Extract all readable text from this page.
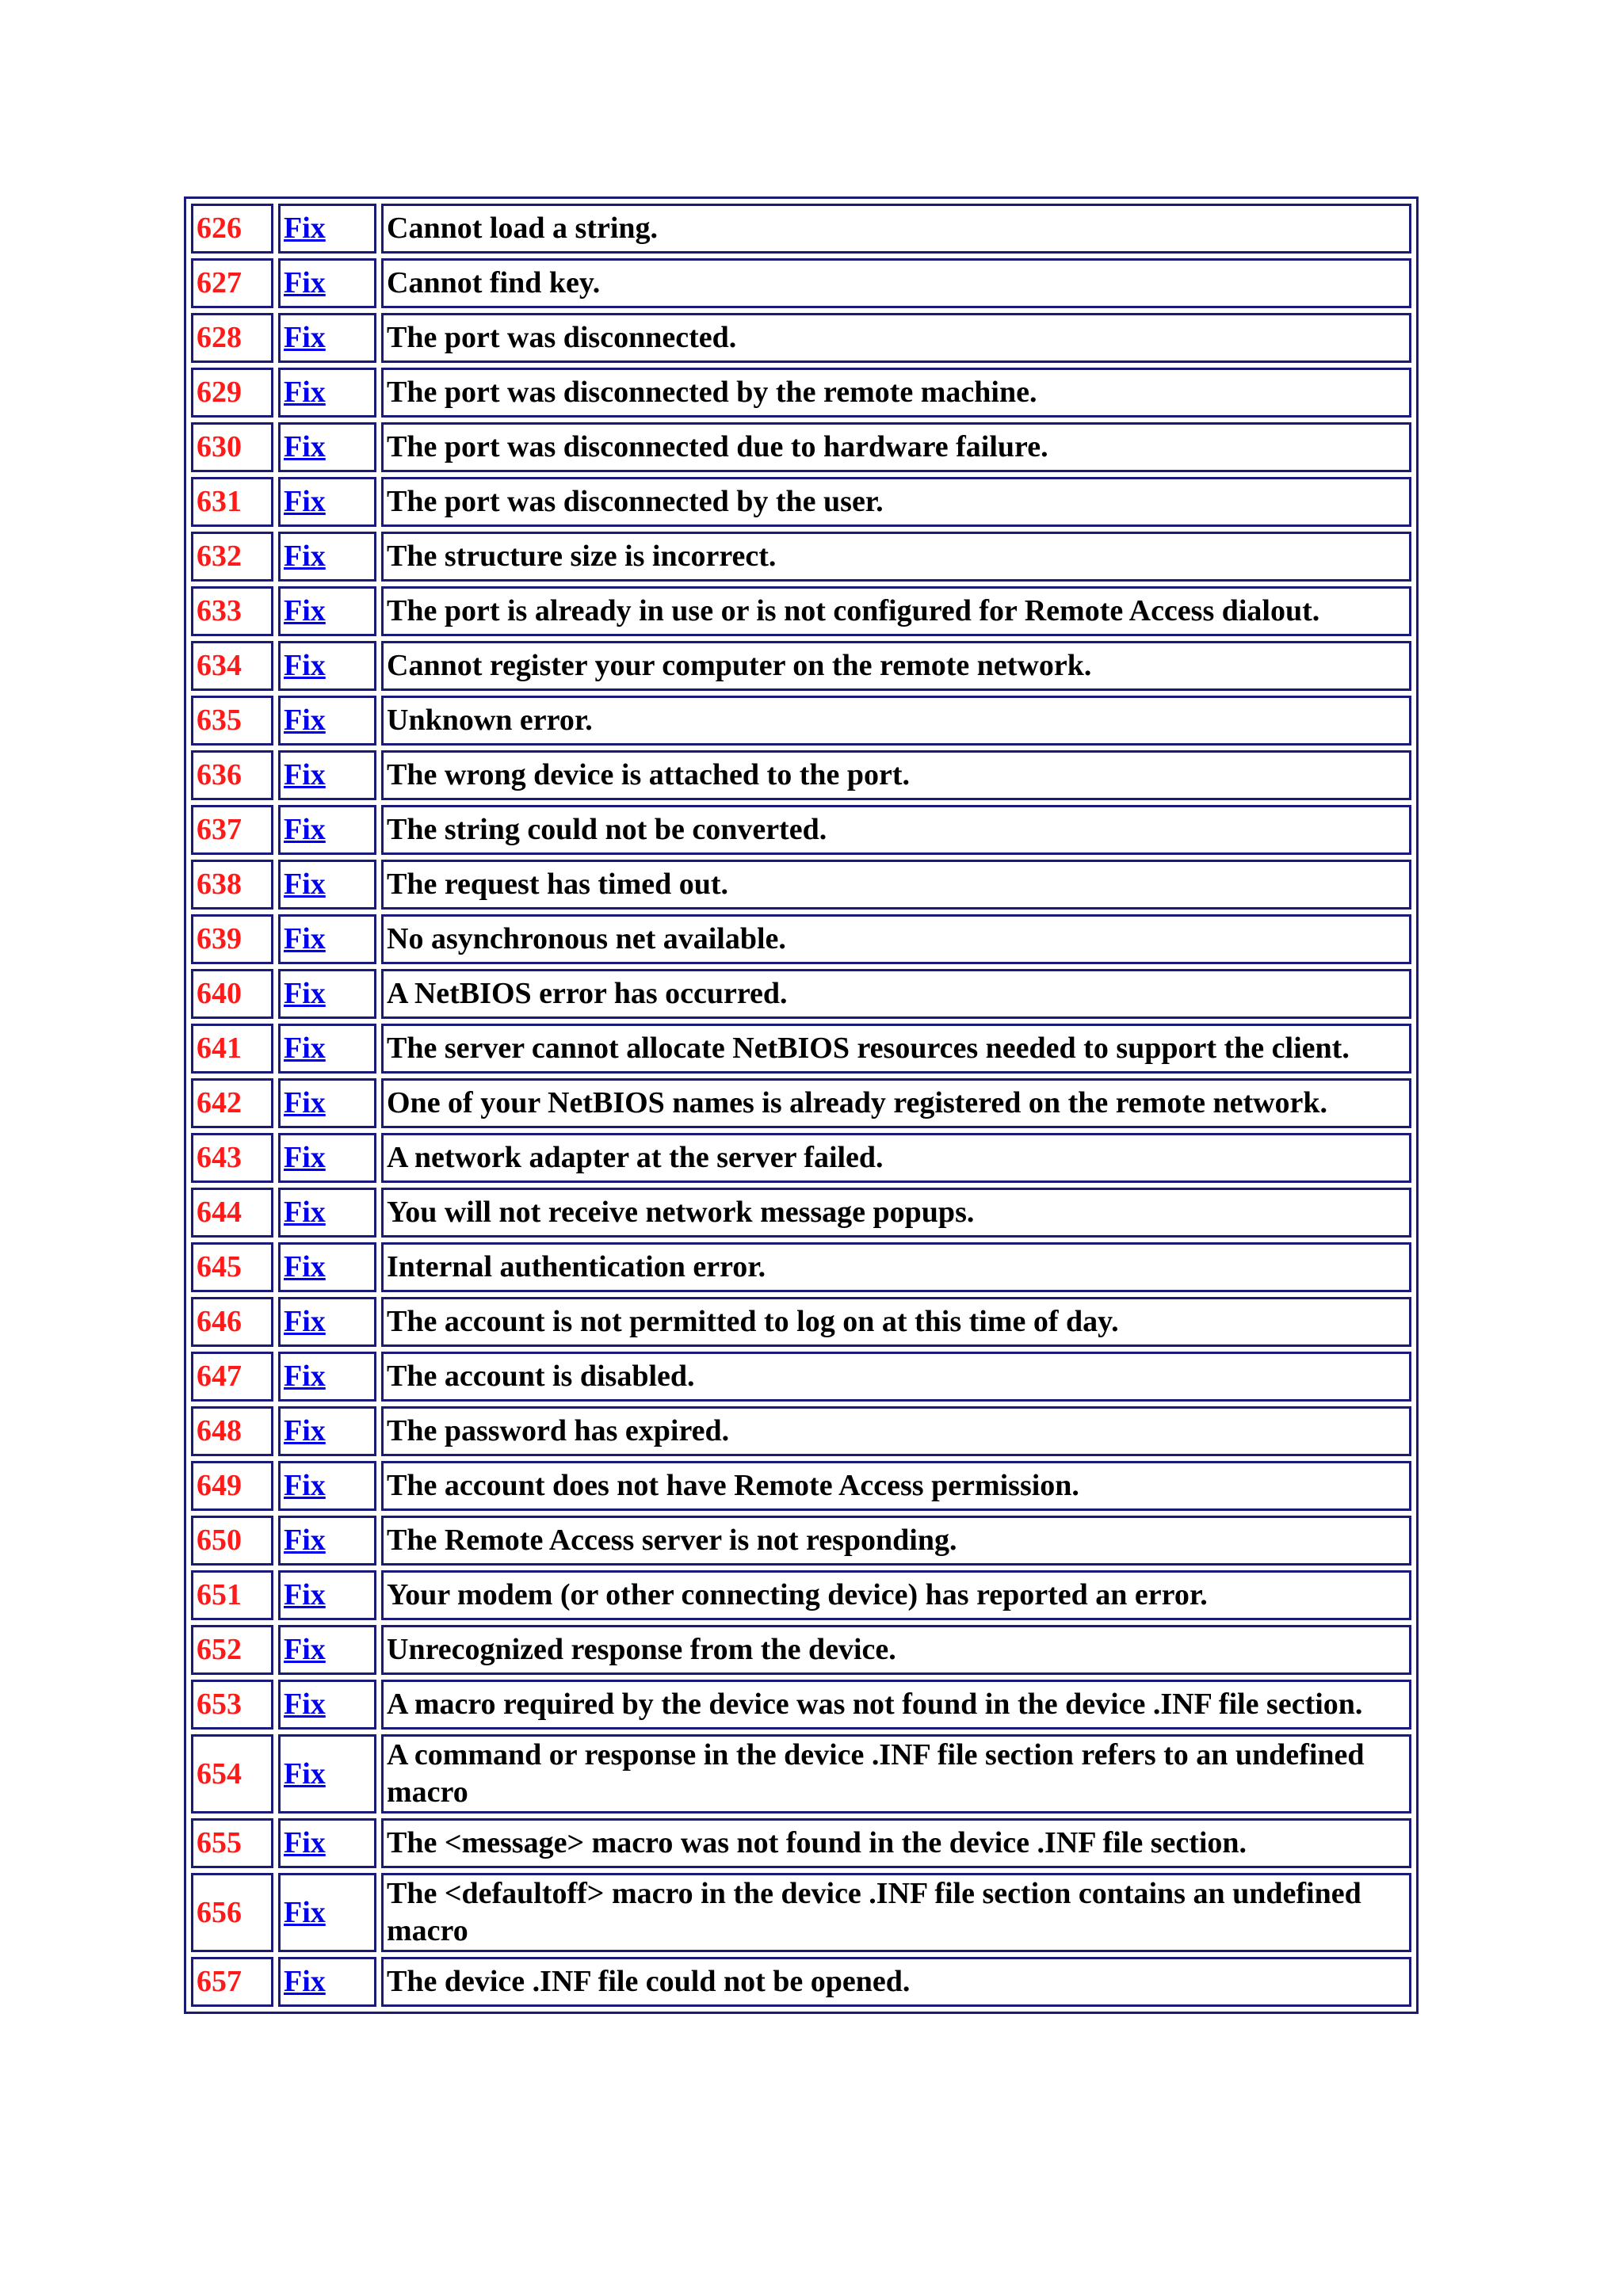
626	Fix	Cannot load a string.
627	Fix	Cannot find key.
628	Fix	The port was disconnected.
629	Fix	The port was disconnected by the remote machine.
630	Fix	The port was disconnected due to hardware failure.
631	Fix	The port was disconnected by the user.
632	Fix	The structure size is incorrect.
633	Fix	The port is already in use or is not configured for Remote Access dialout.
634	Fix	Cannot register your computer on the remote network.
635	Fix	Unknown error.
636	Fix	The wrong device is attached to the port.
637	Fix	The string could not be converted.
638	Fix	The request has timed out.
639	Fix	No asynchronous net available.
640	Fix	A NetBIOS error has occurred.
641	Fix	The server cannot allocate NetBIOS resources needed to support the client.
642	Fix	One of your NetBIOS names is already registered on the remote network.
643	Fix	A network adapter at the server failed.
644	Fix	You will not receive network message popups.
645	Fix	Internal authentication error.
646	Fix	The account is not permitted to log on at this time of day.
647	Fix	The account is disabled.
648	Fix	The password has expired.
649	Fix	The account does not have Remote Access permission.
650	Fix	The Remote Access server is not responding.
651	Fix	Your modem (or other connecting device) has reported an error.
652	Fix	Unrecognized response from the device.
653	Fix	A macro required by the device was not found in the device .INF file section.
654	Fix	A command or response in the device .INF file section refers to an undefined macro
655	Fix	The <message> macro was not found in the device .INF file section.
656	Fix	The <defaultoff> macro in the device .INF file section contains an undefined macro
657	Fix	The device .INF file could not be opened.
